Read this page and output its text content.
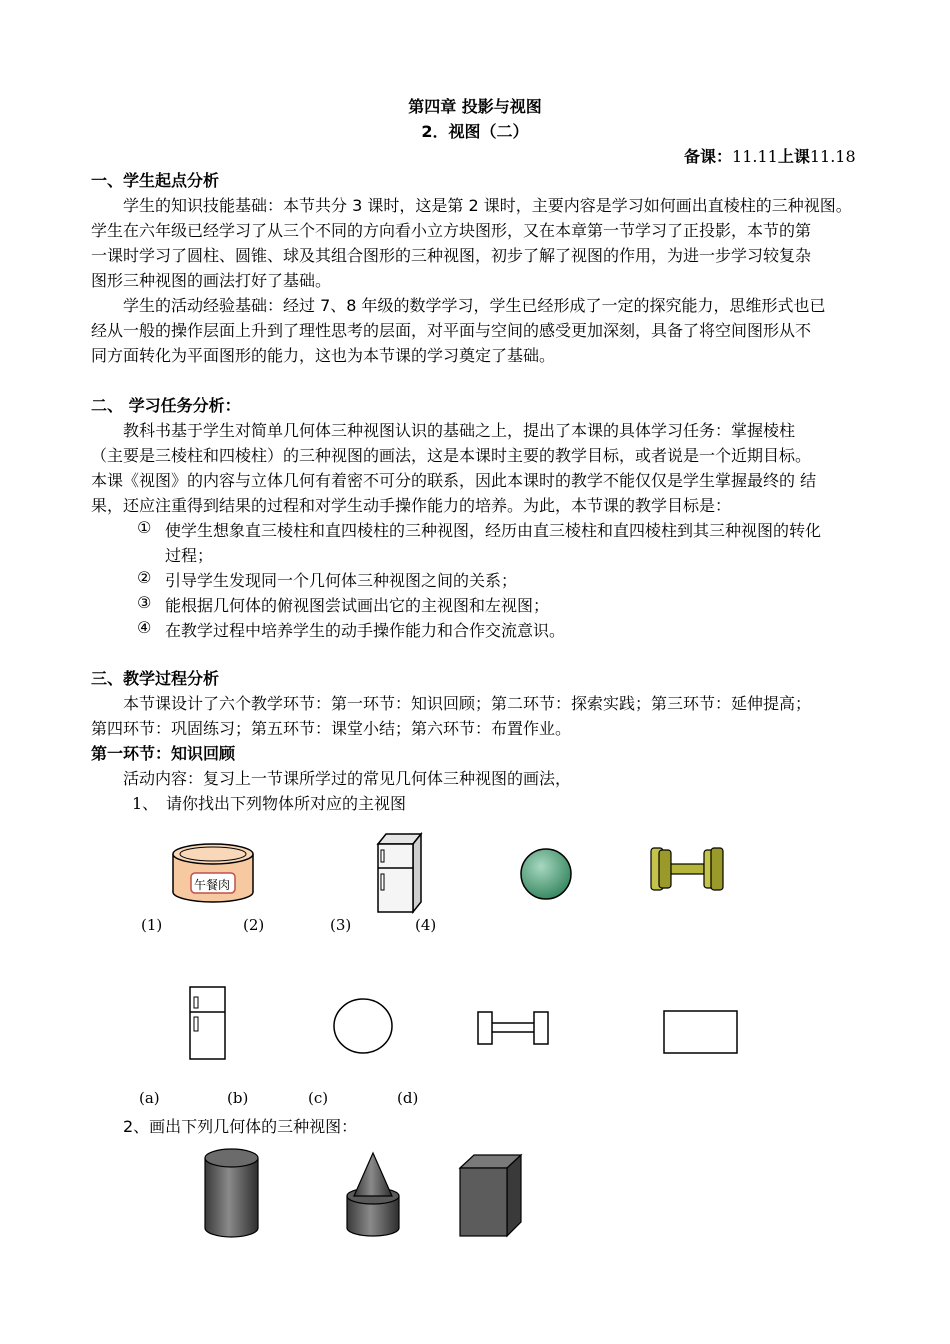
第四章 投影与视图
2．视图（二）
备课：11.11上课11.18
一、学生起点分析
学生的知识技能基础：本节共分 3 课时，这是第 2 课时，主要内容是学习如何画出直棱柱的三种视图。
学生在六年级已经学习了从三个不同的方向看小立方块图形，又在本章第一节学习了正投影，本节的第
一课时学习了圆柱、圆锥、球及其组合图形的三种视图，初步了解了视图的作用，为进一步学习较复杂
图形三种视图的画法打好了基础。
学生的活动经验基础：经过 7、8 年级的数学学习，学生已经形成了一定的探究能力，思维形式也已
经从一般的操作层面上升到了理性思考的层面，对平面与空间的感受更加深刻，具备了将空间图形从不
同方面转化为平面图形的能力，这也为本节课的学习奠定了基础。
二、 学习任务分析：
教科书基于学生对简单几何体三种视图认识的基础之上，提出了本课的具体学习任务：掌握棱柱
（主要是三棱柱和四棱柱）的三种视图的画法，这是本课时主要的教学目标，或者说是一个近期目标。
本课《视图》的内容与立体几何有着密不可分的联系，因此本课时的教学不能仅仅是学生掌握最终的 结
果，还应注重得到结果的过程和对学生动手操作能力的培养。为此，本节课的教学目标是：
① 使学生想象直三棱柱和直四棱柱的三种视图，经历由直三棱柱和直四棱柱到其三种视图的转化
过程；
② 引导学生发现同一个几何体三种视图之间的关系；
③ 能根据几何体的俯视图尝试画出它的主视图和左视图；
④ 在教学过程中培养学生的动手操作能力和合作交流意识。
三、教学过程分析
本节课设计了六个教学环节：第一环节：知识回顾；第二环节：探索实践；第三环节：延伸提高；
第四环节：巩固练习；第五环节：课堂小结；第六环节：布置作业。
第一环节：知识回顾
活动内容：复习上一节课所学过的常见几何体三种视图的画法，
1、 请你找出下列物体所对应的主视图
午餐肉
(1)	(2)	(3)	(4)
(a)	(b)	(c)	(d)
2、画出下列几何体的三种视图：
